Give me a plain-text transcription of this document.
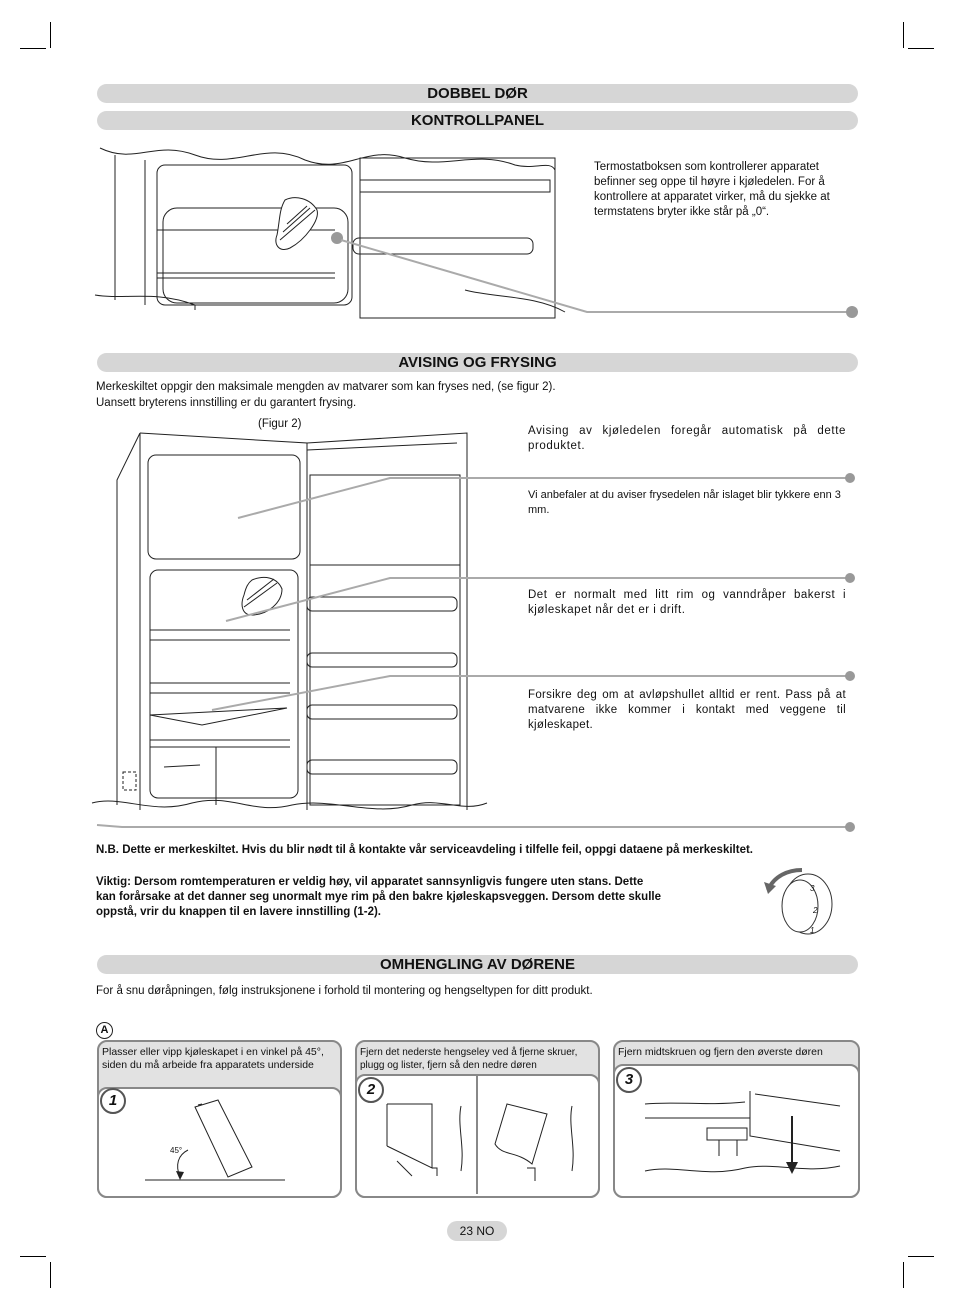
DOBBEL DØR
KONTROLLPANEL
Termostatboksen som kontrollerer apparatet befinner seg oppe til høyre i kjøledelen. For å kontrollere at apparatet virker, må du sjekke at termstatens bryter ikke står på „0“.
AVISING OG FRYSING
Merkeskiltet oppgir den maksimale mengden av matvarer som kan fryses ned, (se figur 2).
Uansett bryterens innstilling er du garantert frysing.
(Figur 2)
Avising av kjøledelen foregår automatisk på dette produktet.
Vi anbefaler at du aviser frysedelen når islaget blir tykkere enn 3 mm.
Det er normalt med litt rim og vanndråper bakerst i kjøleskapet når det er i drift.
Forsikre deg om at avløpshullet alltid er rent. Pass på at matvarene ikke kommer i kontakt med veggene til kjøleskapet.
N.B. Dette er merkeskiltet. Hvis du blir nødt til å kontakte vår serviceavdeling i tilfelle feil, oppgi dataene på merkeskiltet.
Viktig: Dersom romtemperaturen er veldig høy, vil apparatet sannsynligvis fungere uten stans. Dette
kan forårsake at det danner seg unormalt mye rim på den bakre kjøleskapsveggen. Dersom dette skulle
oppstå, vrir du knappen til en lavere innstilling (1-2).
3
2
1
OMHENGLING AV DØRENE
For å snu døråpningen, følg instruksjonene i forhold til montering og hengseltypen for ditt produkt.
A
Plasser eller vipp kjøleskapet i en vinkel på 45°, siden du må arbeide fra apparatets underside
1
45°
Fjern det nederste hengseley ved å fjerne skruer, plugg og lister, fjern så den nedre døren
2
Fjern midtskruen og fjern den øverste døren
3
23 NO
